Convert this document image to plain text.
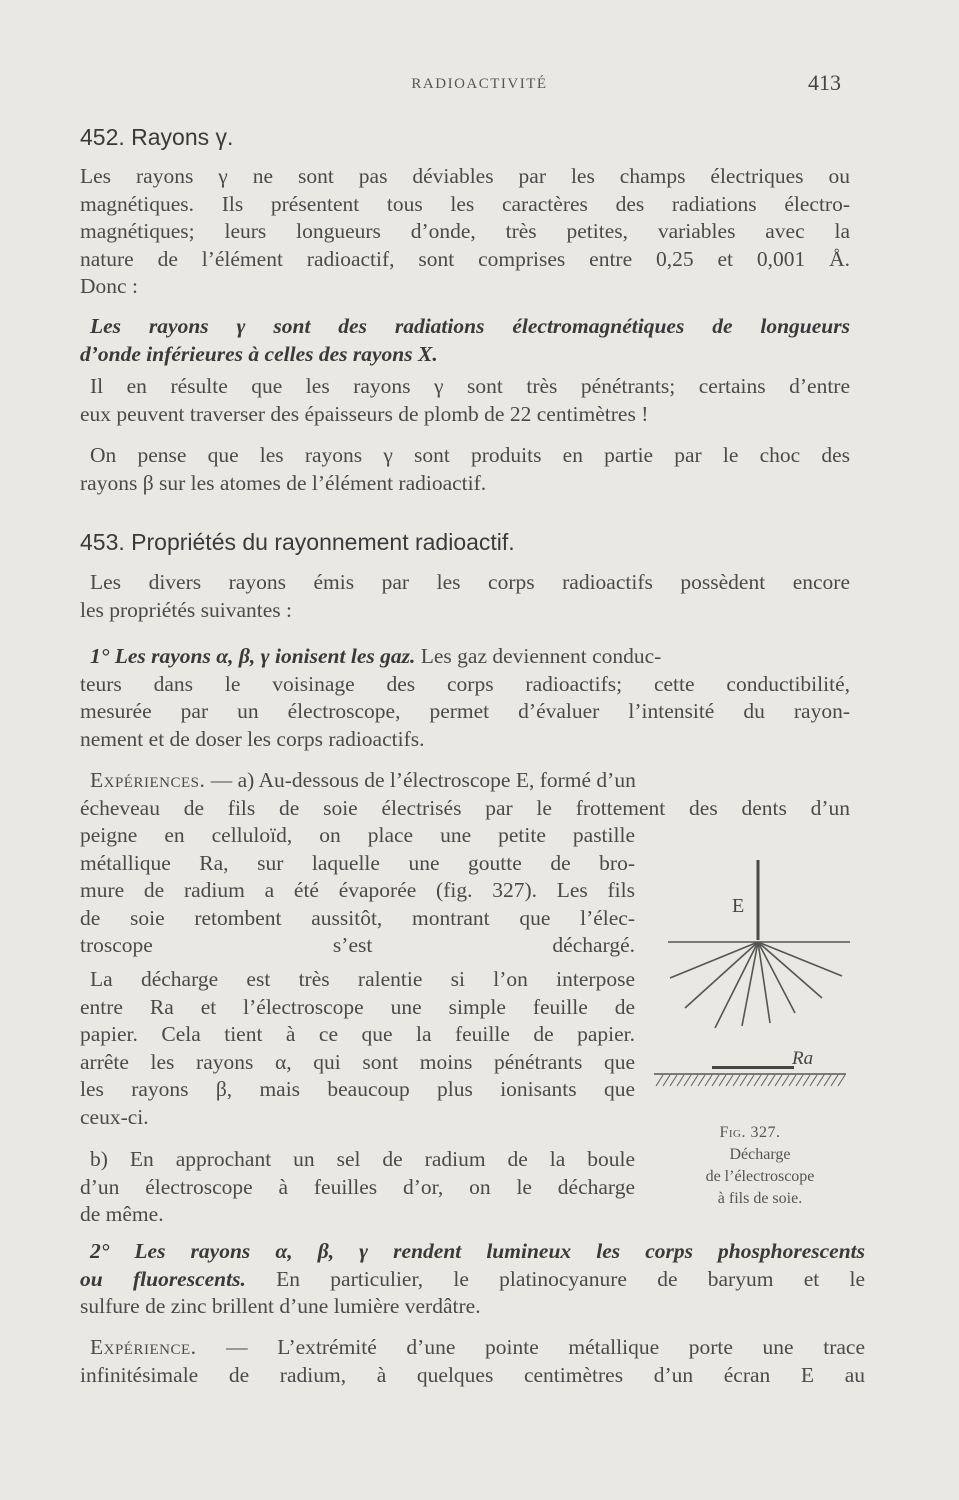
RADIOACTIVITÉ	413
452. Rayons γ.
Les rayons γ ne sont pas déviables par les champs électriques ou
magnétiques. Ils présentent tous les caractères des radiations électro-
magnétiques; leurs longueurs d’onde, très petites, variables avec la
nature de l’élément radioactif, sont comprises entre 0,25 et 0,001 Å.
Donc :
Les rayons γ sont des radiations électromagnétiques de longueurs
d’onde inférieures à celles des rayons X.
Il en résulte que les rayons γ sont très pénétrants; certains d’entre
eux peuvent traverser des épaisseurs de plomb de 22 centimètres !
On pense que les rayons γ sont produits en partie par le choc des
rayons β sur les atomes de l’élément radioactif.
453. Propriétés du rayonnement radioactif.
Les divers rayons émis par les corps radioactifs possèdent encore
les propriétés suivantes :
1° Les rayons α, β, γ ionisent les gaz. Les gaz deviennent conduc-
teurs dans le voisinage des corps radioactifs; cette conductibilité,
mesurée par un électroscope, permet d’évaluer l’intensité du rayon-
nement et de doser les corps radioactifs.
Expériences. — a) Au-dessous de l’électroscope E, formé d’un
écheveau de fils de soie électrisés par le frottement des dents d’un
peigne en celluloïd, on place une petite pastille
métallique Ra, sur laquelle une goutte de bro-
mure de radium a été évaporée (fig. 327). Les fils
de soie retombent aussitôt, montrant que l’élec-
troscope s’est déchargé.
La décharge est très ralentie si l’on interpose
entre Ra et l’électroscope une simple feuille de
papier. Cela tient à ce que la feuille de papier.
arrête les rayons α, qui sont moins pénétrants que
les rayons β, mais beaucoup plus ionisants que
ceux-ci.
b) En approchant un sel de radium de la boule
d’un électroscope à feuilles d’or, on le décharge
de même.
E
Ra
Fig. 327.
Décharge
de l’électroscope
à fils de soie.
2° Les rayons α, β, γ rendent lumineux les corps phosphorescents
ou fluorescents. En particulier, le platinocyanure de baryum et le
sulfure de zinc brillent d’une lumière verdâtre.
Expérience. — L’extrémité d’une pointe métallique porte une trace
infinitésimale de radium, à quelques centimètres d’un écran E au
